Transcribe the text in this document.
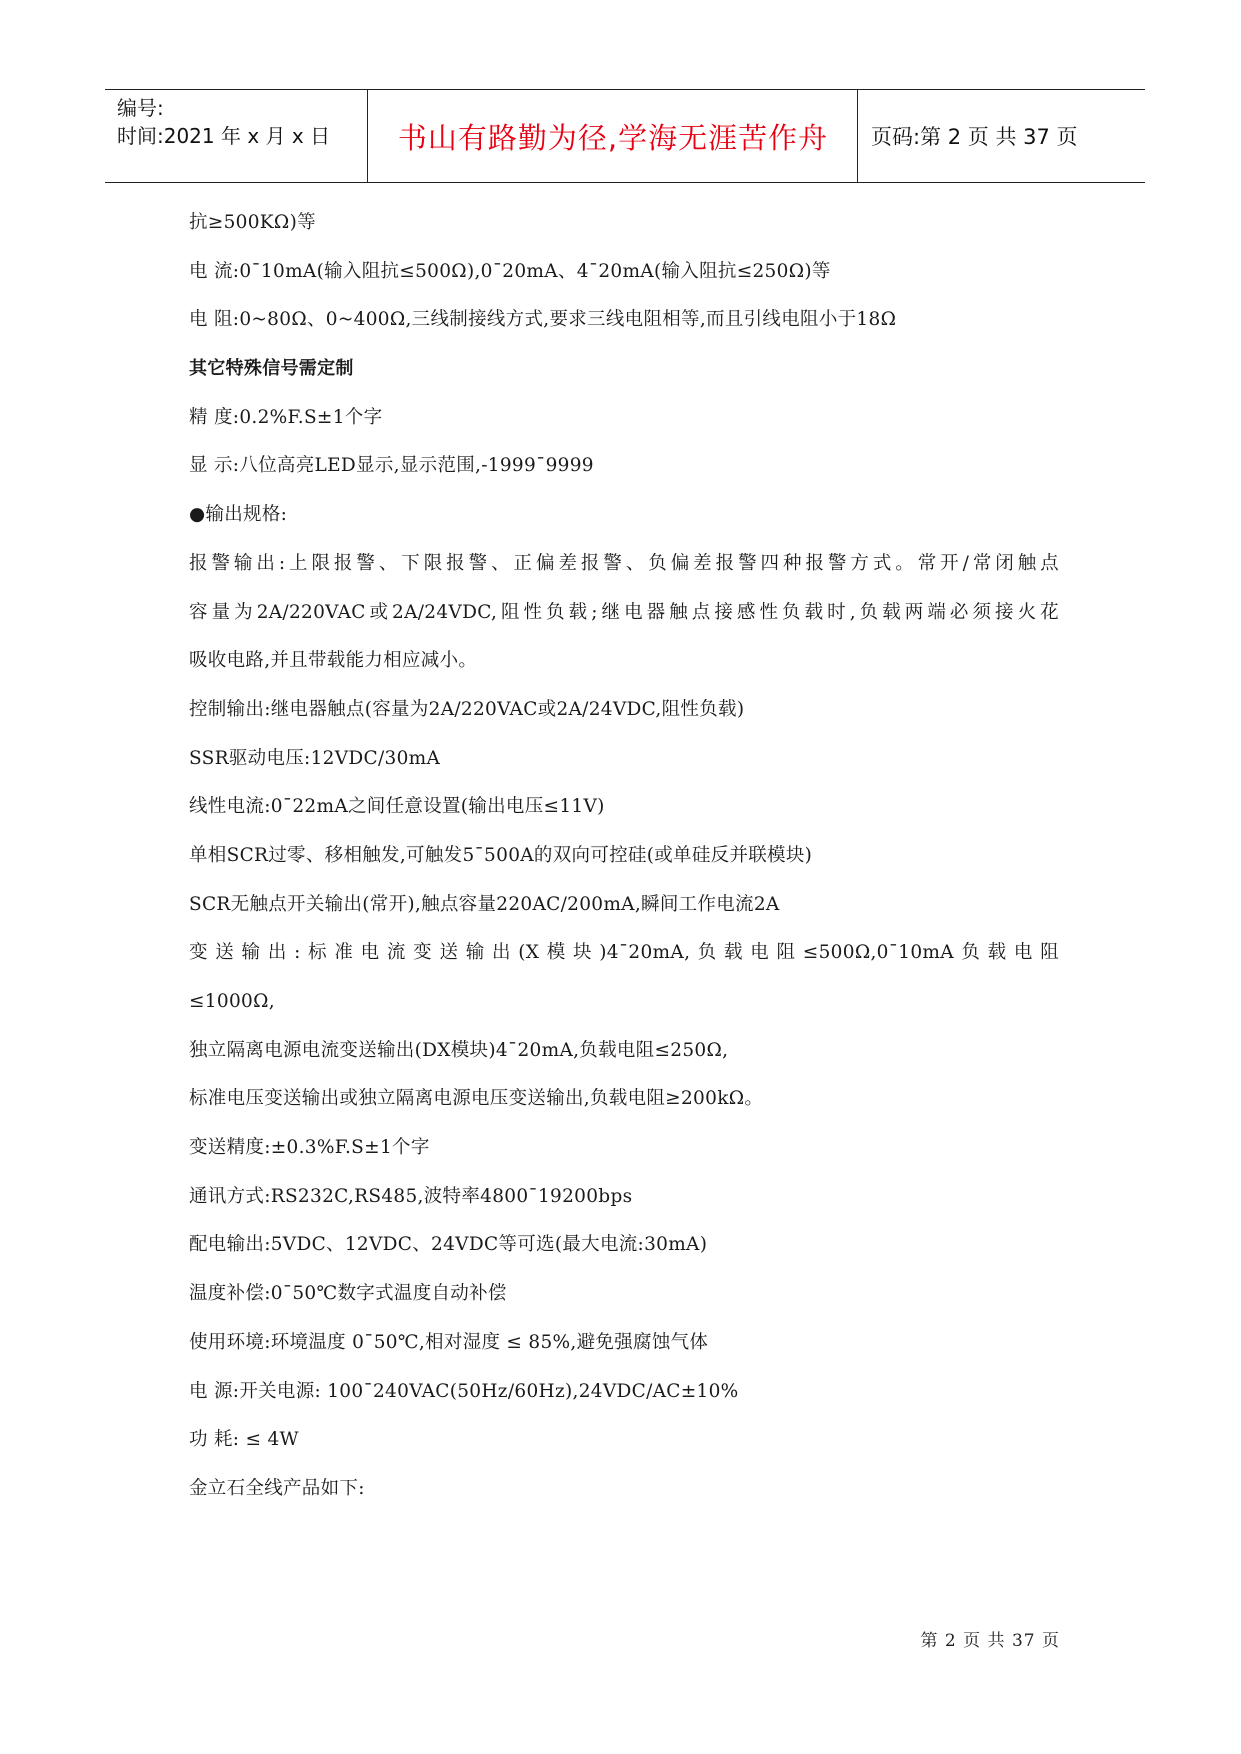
编号:
时间:2021 年 x 月 x 日	书山有路勤为径,学海无涯苦作舟	页码:第 2 页 共 37 页
抗≥500KΩ)等
电 流:0¯10mA(输入阻抗≤500Ω),0¯20mA、4¯20mA(输入阻抗≤250Ω)等
电 阻:0~80Ω、0~400Ω,三线制接线方式,要求三线电阻相等,而且引线电阻小于18Ω
其它特殊信号需定制
精 度:0.2%F.S±1个字
显 示:八位高亮LED显示,显示范围,-1999¯9999
●输出规格:
报警输出:上限报警、下限报警、正偏差报警、负偏差报警四种报警方式。常开/常闭触点
容量为2A/220VAC或2A/24VDC,阻性负载;继电器触点接感性负载时,负载两端必须接火花
吸收电路,并且带载能力相应减小。
控制输出:继电器触点(容量为2A/220VAC或2A/24VDC,阻性负载)
SSR驱动电压:12VDC/30mA
线性电流:0¯22mA之间任意设置(输出电压≤11V)
单相SCR过零、移相触发,可触发5¯500A的双向可控硅(或单硅反并联模块)
SCR无触点开关输出(常开),触点容量220AC/200mA,瞬间工作电流2A
变送输出:标准电流变送输出(X模块)4¯20mA,负载电阻≤500Ω,0¯10mA负载电阻
≤1000Ω,
独立隔离电源电流变送输出(DX模块)4¯20mA,负载电阻≤250Ω,
标准电压变送输出或独立隔离电源电压变送输出,负载电阻≥200kΩ。
变送精度:±0.3%F.S±1个字
通讯方式:RS232C,RS485,波特率4800¯19200bps
配电输出:5VDC、12VDC、24VDC等可选(最大电流:30mA)
温度补偿:0¯50℃数字式温度自动补偿
使用环境:环境温度 0¯50℃,相对湿度 ≤ 85%,避免强腐蚀气体
电 源:开关电源: 100¯240VAC(50Hz/60Hz),24VDC/AC±10%
功 耗: ≤ 4W
金立石全线产品如下:
第 2 页 共 37 页
